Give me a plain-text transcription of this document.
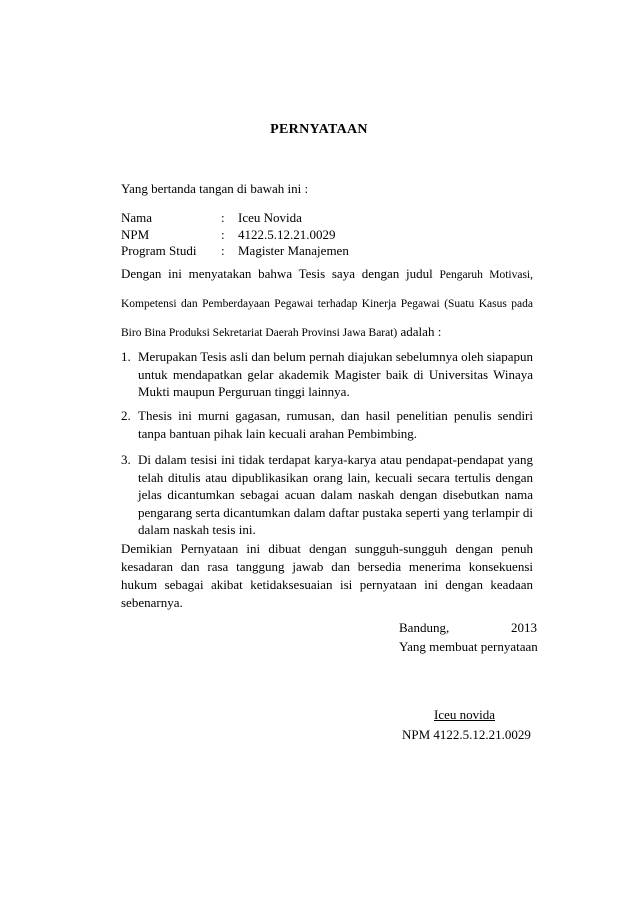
PERNYATAAN
Yang bertanda tangan di bawah ini :
Nama	: Iceu Novida
NPM	: 4122.5.12.21.0029
Program Studi : Magister Manajemen
Dengan ini menyatakan bahwa Tesis saya dengan judul Pengaruh Motivasi, Kompetensi dan Pemberdayaan Pegawai terhadap Kinerja Pegawai (Suatu Kasus pada Biro Bina Produksi Sekretariat Daerah Provinsi Jawa Barat) adalah :
1. Merupakan Tesis asli dan belum pernah diajukan sebelumnya oleh siapapun untuk mendapatkan gelar akademik Magister baik di Universitas Winaya Mukti maupun Perguruan tinggi lainnya.
2. Thesis ini murni gagasan, rumusan, dan hasil penelitian penulis sendiri tanpa bantuan pihak lain kecuali arahan Pembimbing.
3. Di dalam tesisi ini tidak terdapat karya-karya atau pendapat-pendapat yang telah ditulis atau dipublikasikan orang lain, kecuali secara tertulis dengan jelas dicantumkan sebagai acuan dalam naskah dengan disebutkan nama pengarang serta dicantumkan dalam daftar pustaka seperti yang terlampir di dalam naskah tesis ini.
Demikian Pernyataan ini dibuat dengan sungguh-sungguh dengan penuh kesadaran dan rasa tanggung jawab dan bersedia menerima konsekuensi hukum sebagai akibat ketidaksesuaian isi pernyataan ini dengan keadaan sebenarnya.
Bandung,	2013
Yang membuat pernyataan
Iceu novida
NPM 4122.5.12.21.0029
